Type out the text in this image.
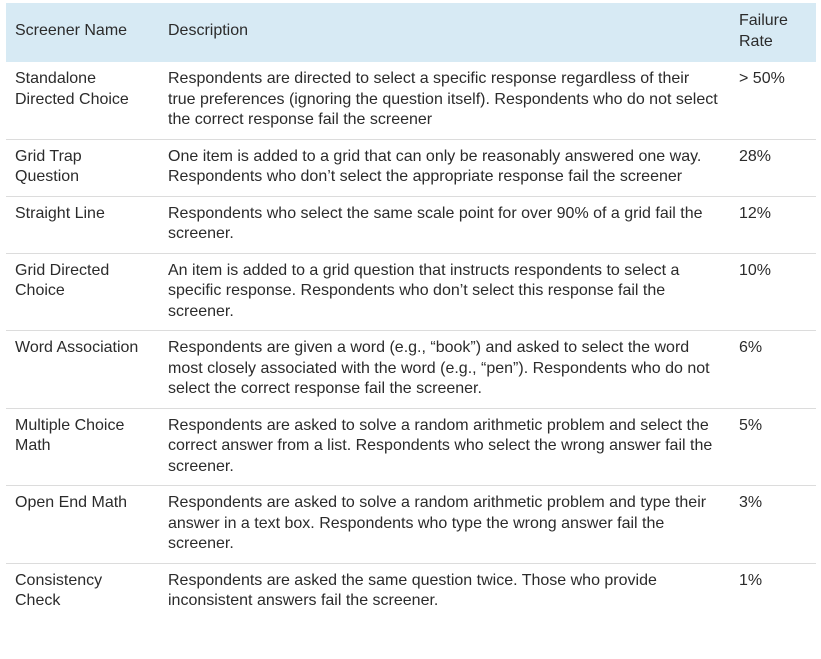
Screener Name	Description	Failure Rate
Standalone Directed Choice	Respondents are directed to select a specific response regardless of their true preferences (ignoring the question itself). Respondents who do not select the correct response fail the screener	> 50%
Grid Trap Question	One item is added to a grid that can only be reasonably answered one way. Respondents who don’t select the appropriate response fail the screener	28%
Straight Line	Respondents who select the same scale point for over 90% of a grid fail the screener.	12%
Grid Directed Choice	An item is added to a grid question that instructs respondents to select a specific response. Respondents who don’t select this response fail the screener.	10%
Word Association	Respondents are given a word (e.g., “book”) and asked to select the word most closely associated with the word (e.g., “pen”). Respondents who do not select the correct response fail the screener.	6%
Multiple Choice Math	Respondents are asked to solve a random arithmetic problem and select the correct answer from a list. Respondents who select the wrong answer fail the screener.	5%
Open End Math	Respondents are asked to solve a random arithmetic problem and type their answer in a text box. Respondents who type the wrong answer fail the screener.	3%
Consistency Check	Respondents are asked the same question twice. Those who provide inconsistent answers fail the screener.	1%
